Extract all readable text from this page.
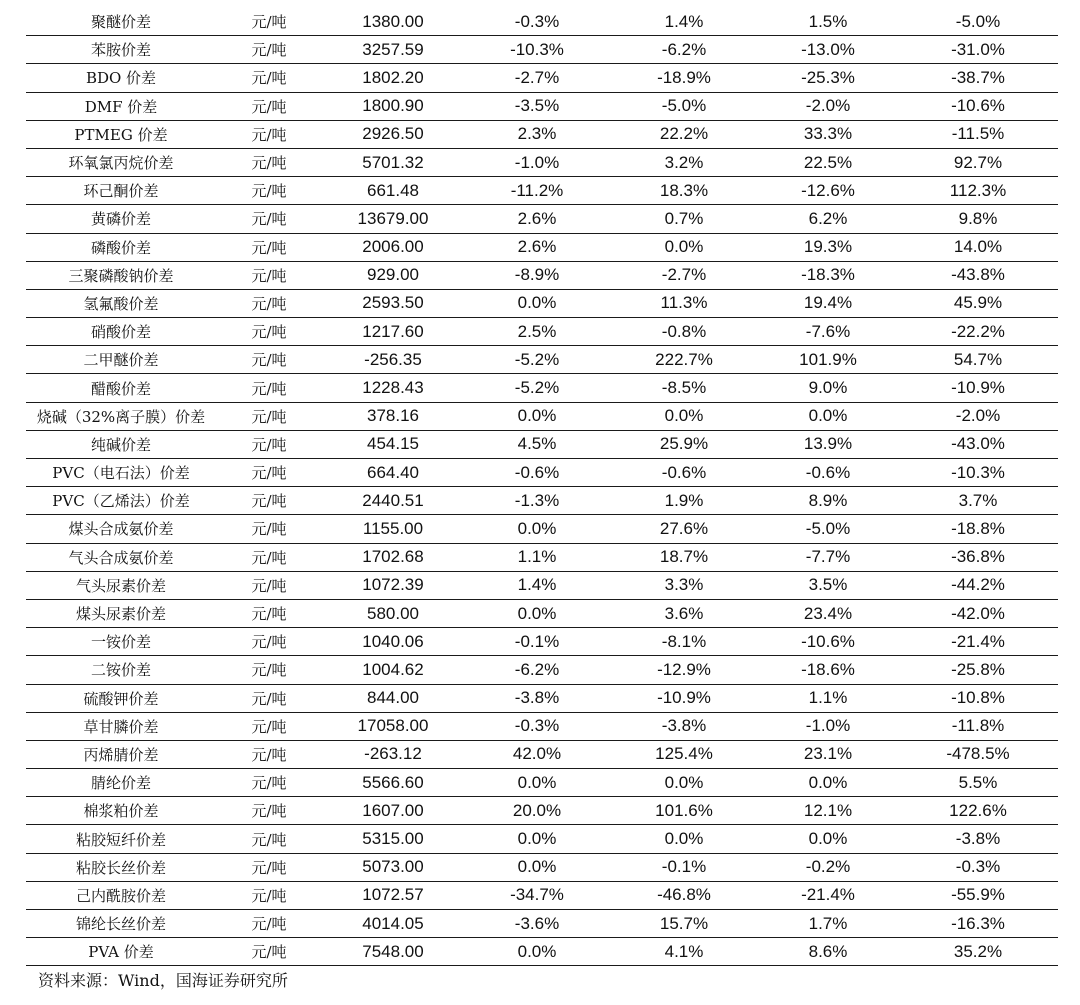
聚醚价差	元/吨	1380.00	-0.3%	1.4%	1.5%	-5.0%
苯胺价差	元/吨	3257.59	-10.3%	-6.2%	-13.0%	-31.0%
BDO 价差	元/吨	1802.20	-2.7%	-18.9%	-25.3%	-38.7%
DMF 价差	元/吨	1800.90	-3.5%	-5.0%	-2.0%	-10.6%
PTMEG 价差	元/吨	2926.50	2.3%	22.2%	33.3%	-11.5%
环氧氯丙烷价差	元/吨	5701.32	-1.0%	3.2%	22.5%	92.7%
环己酮价差	元/吨	661.48	-11.2%	18.3%	-12.6%	112.3%
黄磷价差	元/吨	13679.00	2.6%	0.7%	6.2%	9.8%
磷酸价差	元/吨	2006.00	2.6%	0.0%	19.3%	14.0%
三聚磷酸钠价差	元/吨	929.00	-8.9%	-2.7%	-18.3%	-43.8%
氢氟酸价差	元/吨	2593.50	0.0%	11.3%	19.4%	45.9%
硝酸价差	元/吨	1217.60	2.5%	-0.8%	-7.6%	-22.2%
二甲醚价差	元/吨	-256.35	-5.2%	222.7%	101.9%	54.7%
醋酸价差	元/吨	1228.43	-5.2%	-8.5%	9.0%	-10.9%
烧碱（32%离子膜）价差	元/吨	378.16	0.0%	0.0%	0.0%	-2.0%
纯碱价差	元/吨	454.15	4.5%	25.9%	13.9%	-43.0%
PVC（电石法）价差	元/吨	664.40	-0.6%	-0.6%	-0.6%	-10.3%
PVC（乙烯法）价差	元/吨	2440.51	-1.3%	1.9%	8.9%	3.7%
煤头合成氨价差	元/吨	1155.00	0.0%	27.6%	-5.0%	-18.8%
气头合成氨价差	元/吨	1702.68	1.1%	18.7%	-7.7%	-36.8%
气头尿素价差	元/吨	1072.39	1.4%	3.3%	3.5%	-44.2%
煤头尿素价差	元/吨	580.00	0.0%	3.6%	23.4%	-42.0%
一铵价差	元/吨	1040.06	-0.1%	-8.1%	-10.6%	-21.4%
二铵价差	元/吨	1004.62	-6.2%	-12.9%	-18.6%	-25.8%
硫酸钾价差	元/吨	844.00	-3.8%	-10.9%	1.1%	-10.8%
草甘膦价差	元/吨	17058.00	-0.3%	-3.8%	-1.0%	-11.8%
丙烯腈价差	元/吨	-263.12	42.0%	125.4%	23.1%	-478.5%
腈纶价差	元/吨	5566.60	0.0%	0.0%	0.0%	5.5%
棉浆粕价差	元/吨	1607.00	20.0%	101.6%	12.1%	122.6%
粘胶短纤价差	元/吨	5315.00	0.0%	0.0%	0.0%	-3.8%
粘胶长丝价差	元/吨	5073.00	0.0%	-0.1%	-0.2%	-0.3%
己内酰胺价差	元/吨	1072.57	-34.7%	-46.8%	-21.4%	-55.9%
锦纶长丝价差	元/吨	4014.05	-3.6%	15.7%	1.7%	-16.3%
PVA 价差	元/吨	7548.00	0.0%	4.1%	8.6%	35.2%
资料来源：Wind，国海证券研究所
